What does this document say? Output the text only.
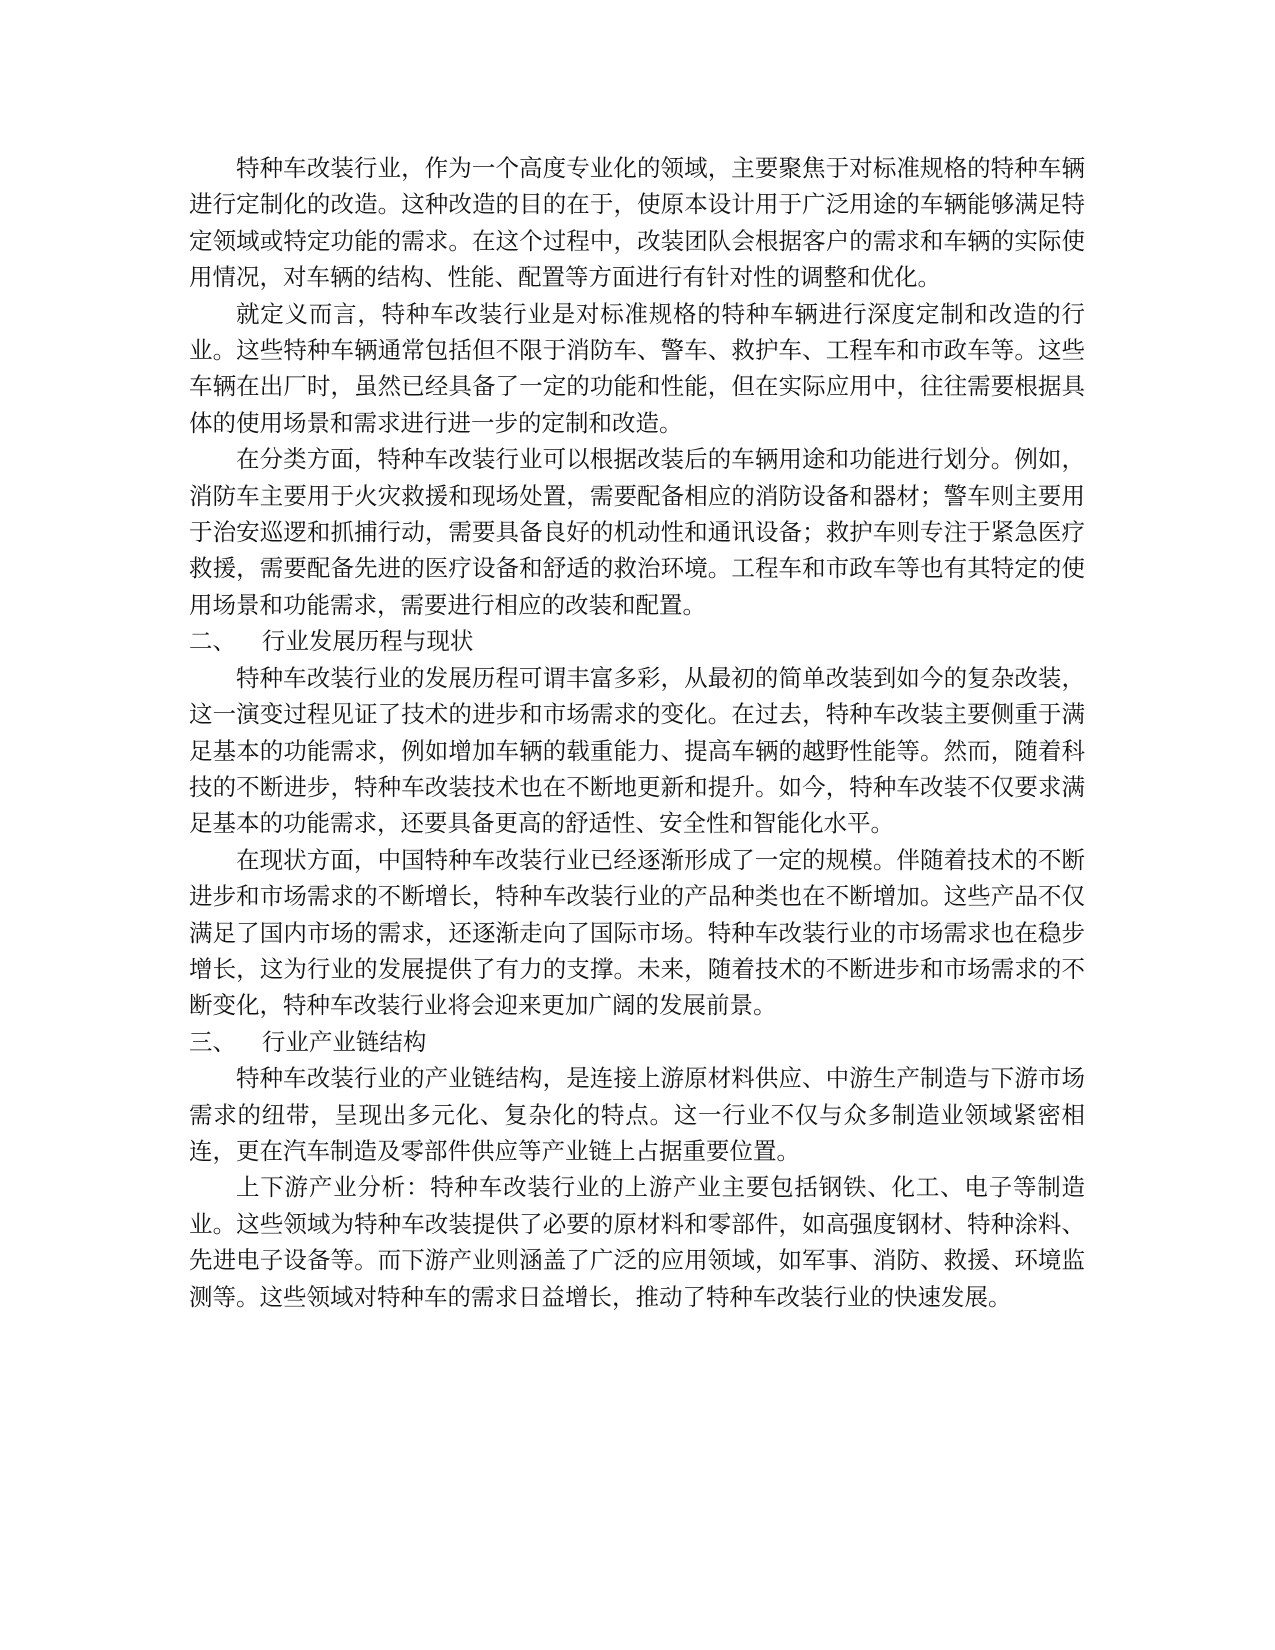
特种车改装行业，作为一个高度专业化的领域，主要聚焦于对标准规格的特种车辆进行定制化的改造。这种改造的目的在于，使原本设计用于广泛用途的车辆能够满足特定领域或特定功能的需求。在这个过程中，改装团队会根据客户的需求和车辆的实际使用情况，对车辆的结构、性能、配置等方面进行有针对性的调整和优化。

就定义而言，特种车改装行业是对标准规格的特种车辆进行深度定制和改造的行业。这些特种车辆通常包括但不限于消防车、警车、救护车、工程车和市政车等。这些车辆在出厂时，虽然已经具备了一定的功能和性能，但在实际应用中，往往需要根据具体的使用场景和需求进行进一步的定制和改造。

在分类方面，特种车改装行业可以根据改装后的车辆用途和功能进行划分。例如，消防车主要用于火灾救援和现场处置，需要配备相应的消防设备和器材；警车则主要用于治安巡逻和抓捕行动，需要具备良好的机动性和通讯设备；救护车则专注于紧急医疗救援，需要配备先进的医疗设备和舒适的救治环境。工程车和市政车等也有其特定的使用场景和功能需求，需要进行相应的改装和配置。

二、 行业发展历程与现状

特种车改装行业的发展历程可谓丰富多彩，从最初的简单改装到如今的复杂改装，这一演变过程见证了技术的进步和市场需求的变化。在过去，特种车改装主要侧重于满足基本的功能需求，例如增加车辆的载重能力、提高车辆的越野性能等。然而，随着科技的不断进步，特种车改装技术也在不断地更新和提升。如今，特种车改装不仅要求满足基本的功能需求，还要具备更高的舒适性、安全性和智能化水平。

在现状方面，中国特种车改装行业已经逐渐形成了一定的规模。伴随着技术的不断进步和市场需求的不断增长，特种车改装行业的产品种类也在不断增加。这些产品不仅满足了国内市场的需求，还逐渐走向了国际市场。特种车改装行业的市场需求也在稳步增长，这为行业的发展提供了有力的支撑。未来，随着技术的不断进步和市场需求的不断变化，特种车改装行业将会迎来更加广阔的发展前景。

三、 行业产业链结构

特种车改装行业的产业链结构，是连接上游原材料供应、中游生产制造与下游市场需求的纽带，呈现出多元化、复杂化的特点。这一行业不仅与众多制造业领域紧密相连，更在汽车制造及零部件供应等产业链上占据重要位置。

上下游产业分析：特种车改装行业的上游产业主要包括钢铁、化工、电子等制造业。这些领域为特种车改装提供了必要的原材料和零部件，如高强度钢材、特种涂料、先进电子设备等。而下游产业则涵盖了广泛的应用领域，如军事、消防、救援、环境监测等。这些领域对特种车的需求日益增长，推动了特种车改装行业的快速发展。
